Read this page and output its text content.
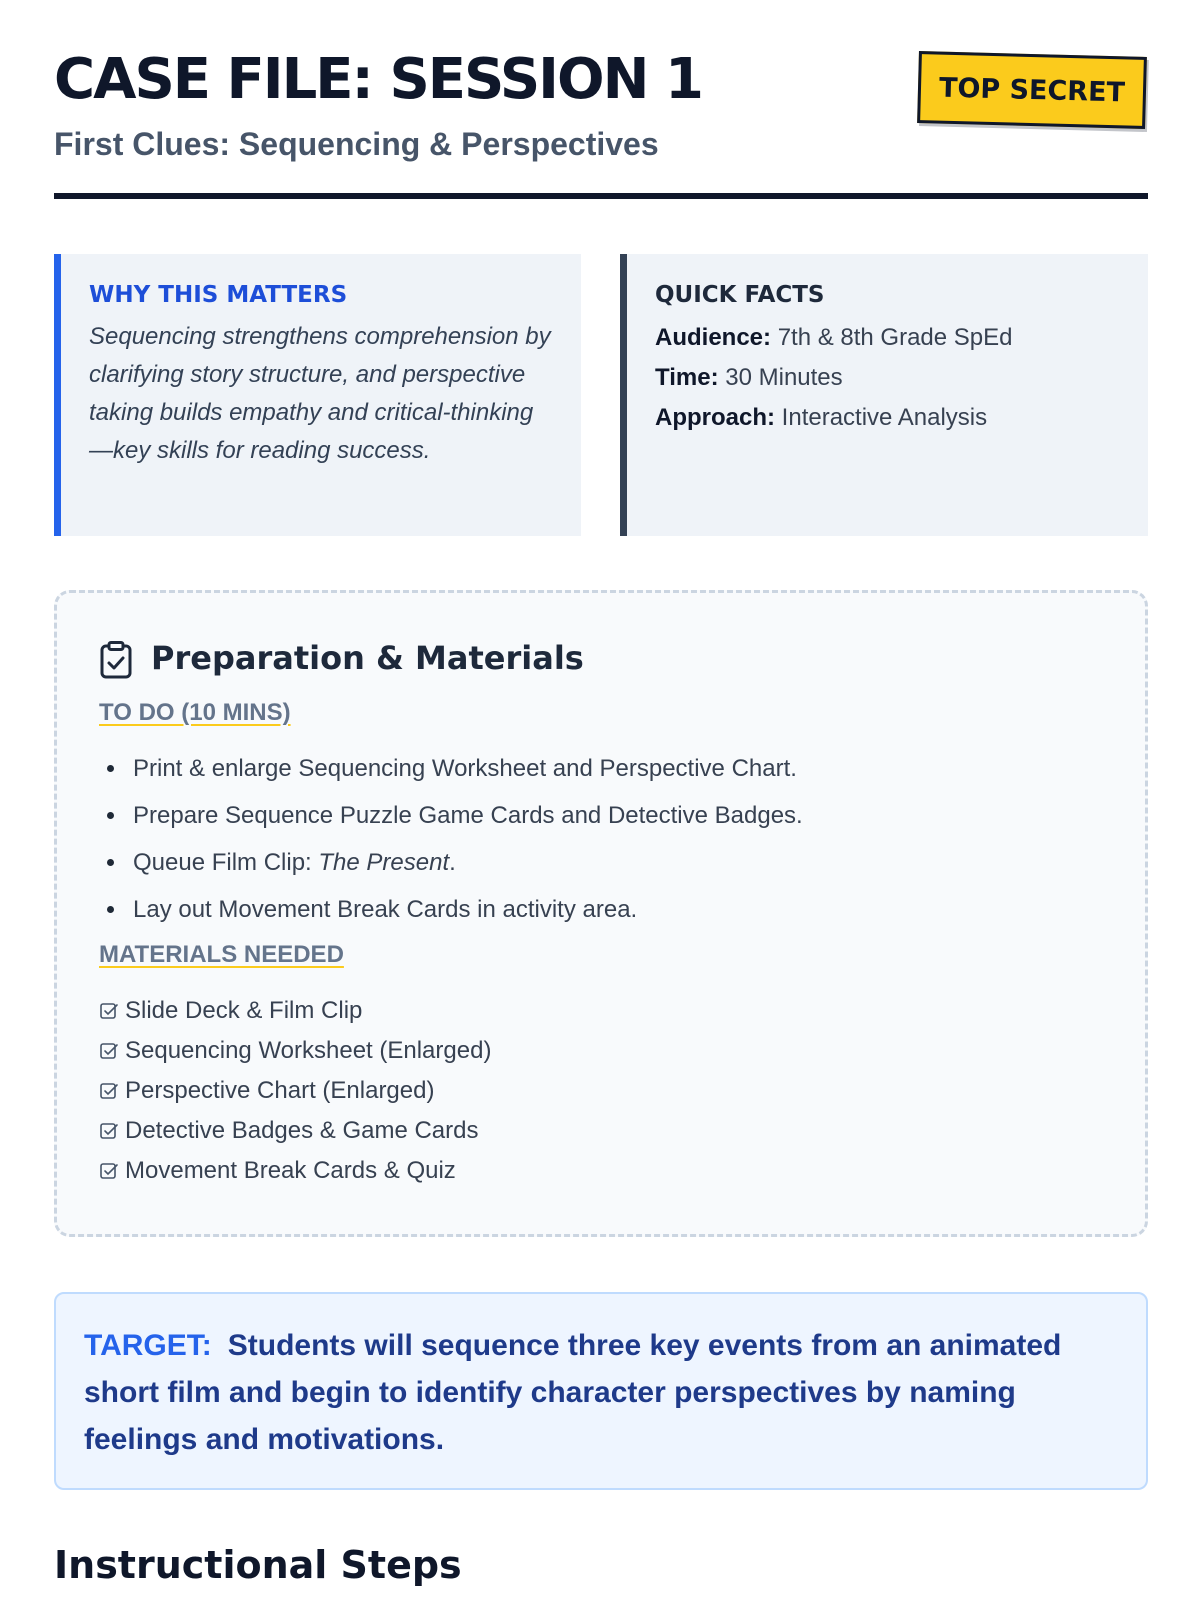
CASE FILE: SESSION 1

First Clues: Sequencing & Perspectives

TOP SECRET

WHY THIS MATTERS

Sequencing strengthens comprehension by clarifying story structure, and perspective taking builds empathy and critical-thinking—key skills for reading success.

QUICK FACTS

Audience: 7th & 8th Grade SpEd

Time: 30 Minutes

Approach: Interactive Analysis

Preparation & Materials

TO DO (10 MINS)

Print & enlarge Sequencing Worksheet and Perspective Chart.
Prepare Sequence Puzzle Game Cards and Detective Badges.
Queue Film Clip: The Present.
Lay out Movement Break Cards in activity area.

MATERIALS NEEDED

Slide Deck & Film Clip
Sequencing Worksheet (Enlarged)
Perspective Chart (Enlarged)
Detective Badges & Game Cards
Movement Break Cards & Quiz

TARGET: Students will sequence three key events from an animated short film and begin to identify character perspectives by naming feelings and motivations.

Instructional Steps
